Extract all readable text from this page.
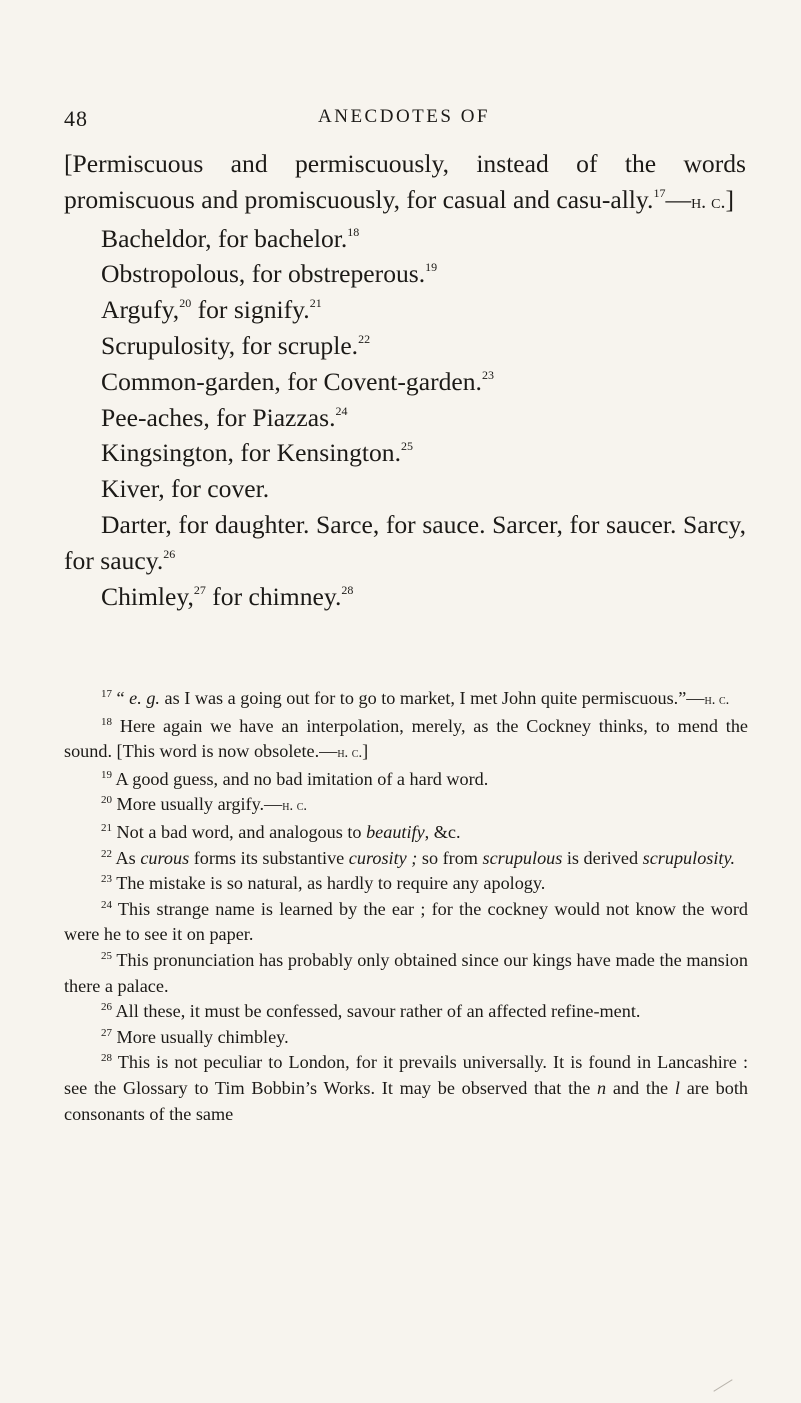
48	ANECDOTES OF

[Permiscuous and permiscuously, instead of the words promiscuous and promiscuously, for casual and casu-ally.$^{17}$—h. c.]

Bacheldor, for bachelor.$^{18}$

Obstropolous, for obstreperous.$^{19}$

Argufy,$^{20}$ for signify.$^{21}$

Scrupulosity, for scruple.$^{22}$

Common-garden, for Covent-garden.$^{23}$

Pee-aches, for Piazzas.$^{24}$

Kingsington, for Kensington.$^{25}$

Kiver, for cover.

Darter, for daughter. Sarce, for sauce. Sarcer, for saucer. Sarcy, for saucy.$^{26}$

Chimley,$^{27}$ for chimney.$^{28}$

$^{17}$ “ e. g. as I was a going out for to go to market, I met John quite permiscuous.”—h. c.

$^{18}$ Here again we have an interpolation, merely, as the Cockney thinks, to mend the sound. [This word is now obsolete.—h. c.]

$^{19}$ A good guess, and no bad imitation of a hard word.

$^{20}$ More usually argify.—h. c.

$^{21}$ Not a bad word, and analogous to beautify, &c.

$^{22}$ As curous forms its substantive curosity ; so from scrupulous is derived scrupulosity.

$^{23}$ The mistake is so natural, as hardly to require any apology.

$^{24}$ This strange name is learned by the ear ; for the cockney would not know the word were he to see it on paper.

$^{25}$ This pronunciation has probably only obtained since our kings have made the mansion there a palace.

$^{26}$ All these, it must be confessed, savour rather of an affected refine-ment.

$^{27}$ More usually chimbley.

$^{28}$ This is not peculiar to London, for it prevails universally. It is found in Lancashire : see the Glossary to Tim Bobbin’s Works. It may be observed that the n and the l are both consonants of the same
